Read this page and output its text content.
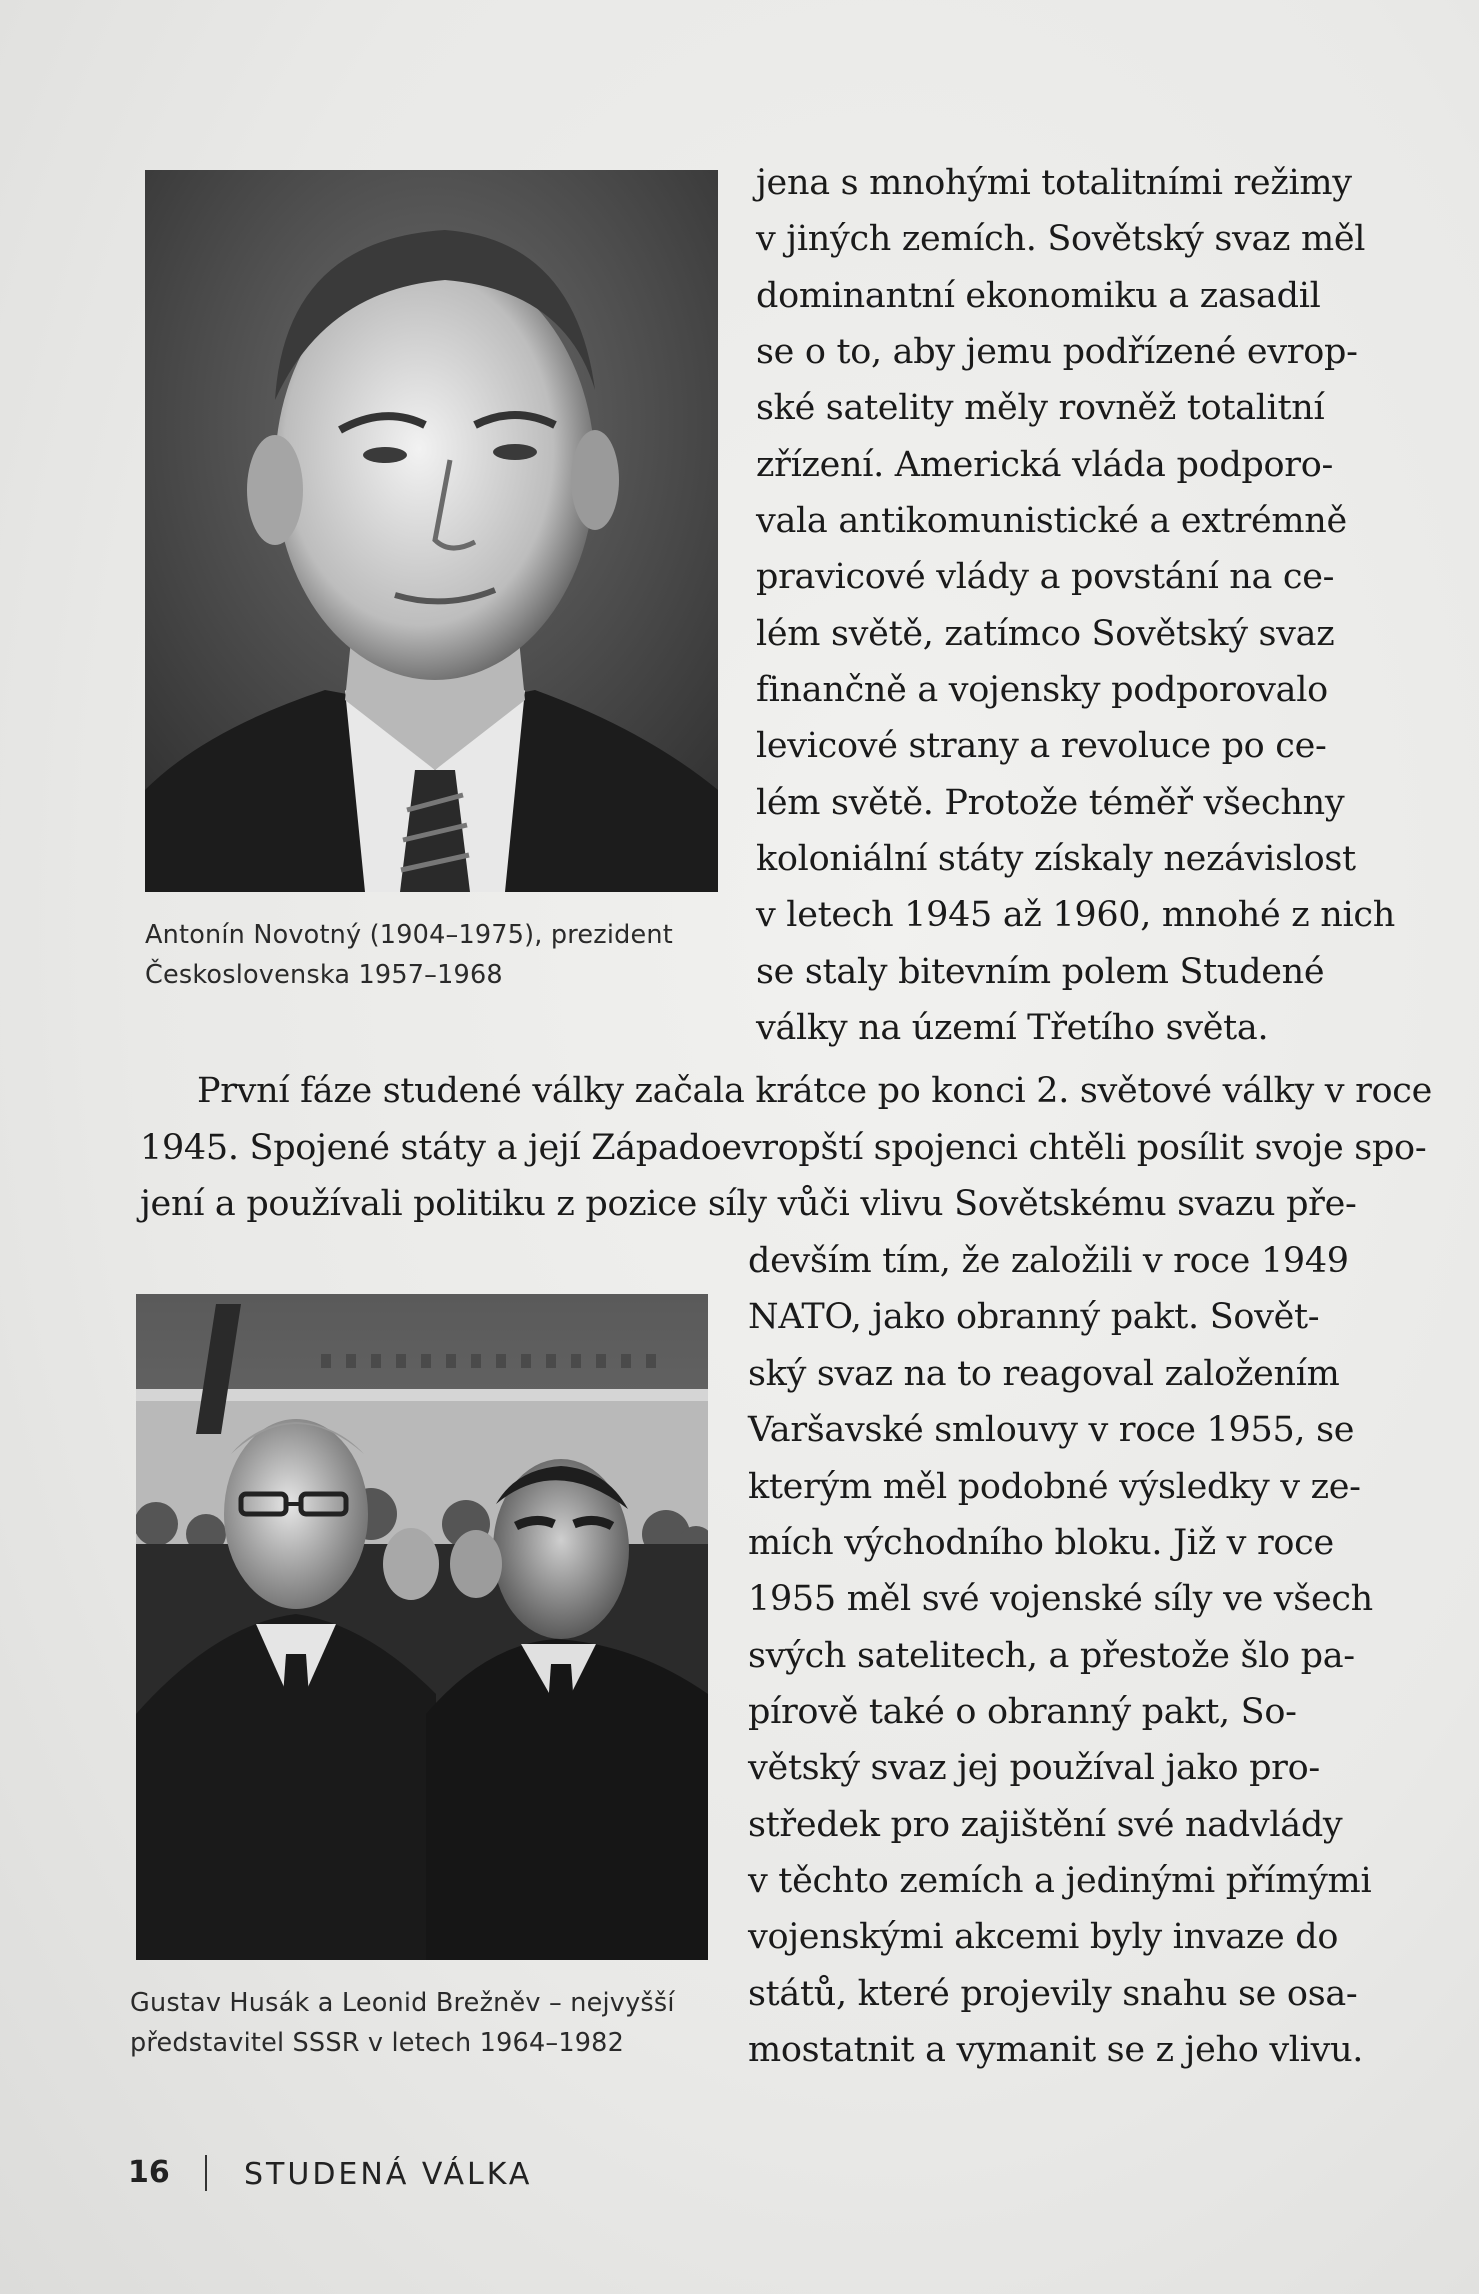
Antonín Novotný (1904–1975), prezident
Československa 1957–1968
Gustav Husák a Leonid Brežněv – nejvyšší
představitel SSSR v letech 1964–1982
jena s mnohými totalitními režimy
v jiných zemích. Sovětský svaz měl
dominantní ekonomiku a zasadil
se o to, aby jemu podřízené evrop-
ské satelity měly rovněž totalitní
zřízení. Americká vláda podporo-
vala antikomunistické a extrémně
pravicové vlády a povstání na ce-
lém světě, zatímco Sovětský svaz
finančně a vojensky podporovalo
levicové strany a revoluce po ce-
lém světě. Protože téměř všechny
koloniální státy získaly nezávislost
v letech 1945 až 1960, mnohé z nich
se staly bitevním polem Studené
války na území Třetího světa.
První fáze studené války začala krátce po konci 2. světové války v roce
1945. Spojené státy a její Západoevropští spojenci chtěli posílit svoje spo-
jení a používali politiku z pozice síly vůči vlivu Sovětskému svazu pře-
devším tím, že založili v roce 1949
NATO, jako obranný pakt. Sovět-
ský svaz na to reagoval založením
Varšavské smlouvy v roce 1955, se
kterým měl podobné výsledky v ze-
mích východního bloku. Již v roce
1955 měl své vojenské síly ve všech
svých satelitech, a přestože šlo pa-
pírově také o obranný pakt, So-
větský svaz jej používal jako pro-
středek pro zajištění své nadvlády
v těchto zemích a jedinými přímými
vojenskými akcemi byly invaze do
států, které projevily snahu se osa-
mostatnit a vymanit se z jeho vlivu.
16 STUDENÁ VÁLKA
